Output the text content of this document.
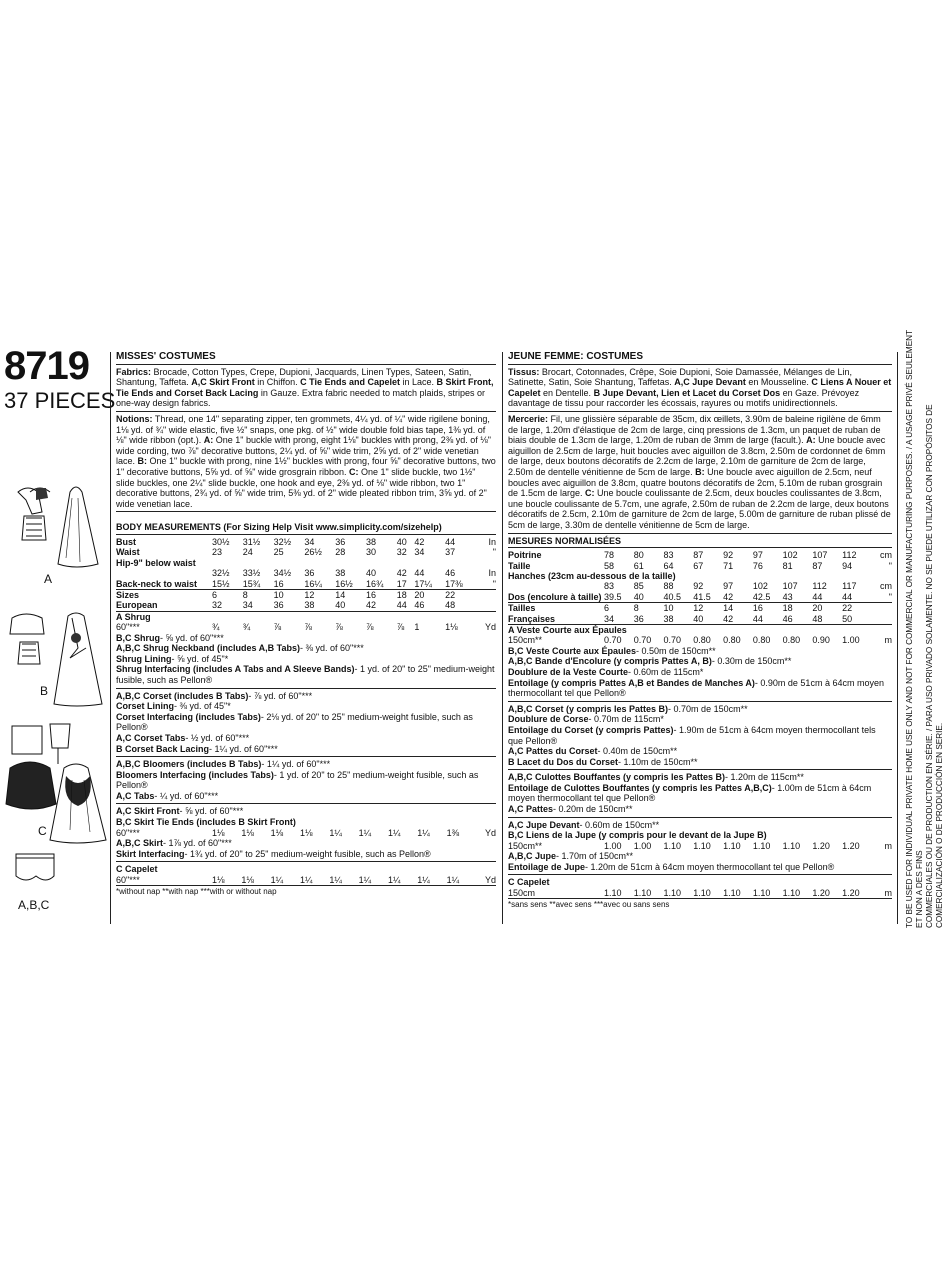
8719
37 PIECES
A
B
C
A,B,C
MISSES' COSTUMES
Fabrics: Brocade, Cotton Types, Crepe, Dupioni, Jacquards, Linen Types, Sateen, Satin, Shantung, Taffeta. A,C Skirt Front in Chiffon. C Tie Ends and Capelet in Lace. B Skirt Front, Tie Ends and Corset Back Lacing in Gauze. Extra fabric needed to match plaids, stripes or one-way design fabrics.
Notions: Thread, one 14" separating zipper, ten grommets, 4¼ yd. of ¼" wide rigilene boning, 1⅛ yd. of ¾" wide elastic, five ½" snaps, one pkg. of ½" wide double fold bias tape, 1⅜ yd. of ⅛" wide ribbon (opt.). A: One 1" buckle with prong, eight 1⅛" buckles with prong, 2⅜ yd. of ⅛" wide cording, two ⅞" decorative buttons, 2¼ yd. of ⅝" wide trim, 2⅝ yd. of 2" wide venetian lace. B: One 1" buckle with prong, nine 1½" buckles with prong, four ⅝" decorative buttons, two 1" decorative buttons, 5⅝ yd. of ⅝" wide grosgrain ribbon. C: One 1" slide buckle, two 1½" slide buckles, one 2¼" slide buckle, one hook and eye, 2⅜ yd. of ⅛" wide ribbon, two 1" decorative buttons, 2¾ yd. of ⅝" wide trim, 5⅜ yd. of 2" wide pleated ribbon trim, 3⅝ yd. of 2" wide venetian lace.
BODY MEASUREMENTS (For Sizing Help Visit www.simplicity.com/sizehelp)
Bust	30½	31½	32½	34	36	38	40	42	44	In
Waist	23	24	25	26½	28	30	32	34	37	"
Hip-9" below waist										
	32½	33½	34½	36	38	40	42	44	46	In
Back-neck to waist	15½	15¾	16	16¼	16½	16¾	17	17¼	17⅜	"
Sizes	6	8	10	12	14	16	18	20	22	
European	32	34	36	38	40	42	44	46	48	
A Shrug										
60"***	¾	¾	⅞	⅞	⅞	⅞	⅞	1	1⅛	Yd
B,C Shrug- ⅝ yd. of 60"***
A,B,C Shrug Neckband (includes A,B Tabs)- ⅜ yd. of 60"***
Shrug Lining- ⅝ yd. of 45"*
Shrug Interfacing (includes A Tabs and A Sleeve Bands)- 1 yd. of 20" to 25" medium-weight fusible, such as Pellon®
A,B,C Corset (includes B Tabs)- ⅞ yd. of 60"***
Corset Lining- ⅜ yd. of 45"*
Corset Interfacing (includes Tabs)- 2⅛ yd. of 20" to 25" medium-weight fusible, such as Pellon®
A,C Corset Tabs- ½ yd. of 60"***
B Corset Back Lacing- 1¼ yd. of 60"***
A,B,C Bloomers (includes B Tabs)- 1¼ yd. of 60"***
Bloomers Interfacing (includes Tabs)- 1 yd. of 20" to 25" medium-weight fusible, such as Pellon®
A,C Tabs- ¼ yd. of 60"***
A,C Skirt Front- ⅝ yd. of 60"***
B,C Skirt Tie Ends (includes B Skirt Front)
60"***	1⅛	1⅛	1⅛	1⅛	1¼	1¼	1¼	1¼	1⅜	Yd
A,B,C Skirt- 1⅞ yd. of 60"***
Skirt Interfacing- 1¾ yd. of 20" to 25" medium-weight fusible, such as Pellon®
C Capelet
60"***	1⅛	1⅛	1¼	1¼	1¼	1¼	1¼	1¼	1¼	Yd
*without nap **with nap ***with or without nap
JEUNE FEMME: COSTUMES
Tissus: Brocart, Cotonnades, Crêpe, Soie Dupioni, Soie Damassée, Mélanges de Lin, Satinette, Satin, Soie Shantung, Taffetas. A,C Jupe Devant en Mousseline. C Liens A Nouer et Capelet en Dentelle. B Jupe Devant, Lien et Lacet du Corset Dos en Gaze. Prévoyez davantage de tissu pour raccorder les écossais, rayures ou motifs unidirectionnels.
Mercerie: Fil, une glissière séparable de 35cm, dix œillets, 3.90m de baleine rigilène de 6mm de large, 1.20m d'élastique de 2cm de large, cinq pressions de 1.3cm, un paquet de ruban de biais double de 1.3cm de large, 1.20m de ruban de 3mm de large (facult.). A: Une boucle avec aiguillon de 2.5cm de large, huit boucles avec aiguillon de 3.8cm, 2.50m de cordonnet de 6mm de large, deux boutons décoratifs de 2.2cm de large, 2.10m de garniture de 2cm de large, 2.50m de dentelle vénitienne de 5cm de large. B: Une boucle avec aiguillon de 2.5cm, neuf boucles avec aiguillon de 3.8cm, quatre boutons décoratifs de 2cm, 5.10m de ruban grosgrain de 1.5cm de large. C: Une boucle coulissante de 2.5cm, deux boucles coulissantes de 3.8cm, une boucle coulissante de 5.7cm, une agrafe, 2.50m de ruban de 2.2cm de large, deux boutons décoratifs de 2.5cm, 2.10m de garniture de 2cm de large, 5.00m de garniture de ruban plissé de 5cm de large, 3.30m de dentelle vénitienne de 5cm de large.
MESURES NORMALISÉES
Poitrine	78	80	83	87	92	97	102	107	112	cm
Taille	58	61	64	67	71	76	81	87	94	"
Hanches (23cm au-dessous de la taille)										
	83	85	88	92	97	102	107	112	117	cm
Dos (encolure à taille)	39.5	40	40.5	41.5	42	42.5	43	44	44	"
Tailles	6	8	10	12	14	16	18	20	22	
Françaises	34	36	38	40	42	44	46	48	50	
A Veste Courte aux Épaules										
150cm**	0.70	0.70	0.70	0.80	0.80	0.80	0.80	0.90	1.00	m
B,C Veste Courte aux Épaules- 0.50m de 150cm**
A,B,C Bande d'Encolure (y compris Pattes A, B)- 0.30m de 150cm**
Doublure de la Veste Courte- 0.60m de 115cm*
Entoilage (y compris Pattes A,B et Bandes de Manches A)- 0.90m de 51cm à 64cm moyen thermocollant tel que Pellon®
A,B,C Corset (y compris les Pattes B)- 0.70m de 150cm**
Doublure de Corse- 0.70m de 115cm*
Entoilage du Corset (y compris Pattes)- 1.90m de 51cm à 64cm moyen thermocollant tels que Pellon®
A,C Pattes du Corset- 0.40m de 150cm**
B Lacet du Dos du Corset- 1.10m de 150cm**
A,B,C Culottes Bouffantes (y compris les Pattes B)- 1.20m de 115cm**
Entoilage de Culottes Bouffantes (y compris les Pattes A,B,C)- 1.00m de 51cm à 64cm moyen thermocollant tel que Pellon®
A,C Pattes- 0.20m de 150cm**
A,C Jupe Devant- 0.60m de 150cm**
B,C Liens de la Jupe (y compris pour le devant de la Jupe B)
150cm**	1.00	1.00	1.10	1.10	1.10	1.10	1.10	1.20	1.20	m
A,B,C Jupe- 1.70m of 150cm**
Entoilage de Jupe- 1.20m de 51cm à 64cm moyen thermocollant tel que Pellon®
C Capelet
150cm	1.10	1.10	1.10	1.10	1.10	1.10	1.10	1.20	1.20	m
*sans sens **avec sens ***avec ou sans sens	TO BE USED FOR INDIVIDUAL PRIVATE HOME USE ONLY AND NOT FOR COMMERCIAL OR MANUFACTURING PURPOSES. / A USAGE PRIVÉ SEULEMENT ET NON A DES FINS COMMERCIALES OU DE PRODUCTION EN SÉRIE. / PARA USO PRIVADO SOLAMENTE. NO SE PUEDE UTILIZAR CON PROPÓSITOS DE COMERCIALIZACIÓN O DE PRODUCCIÓN EN SERIE.
